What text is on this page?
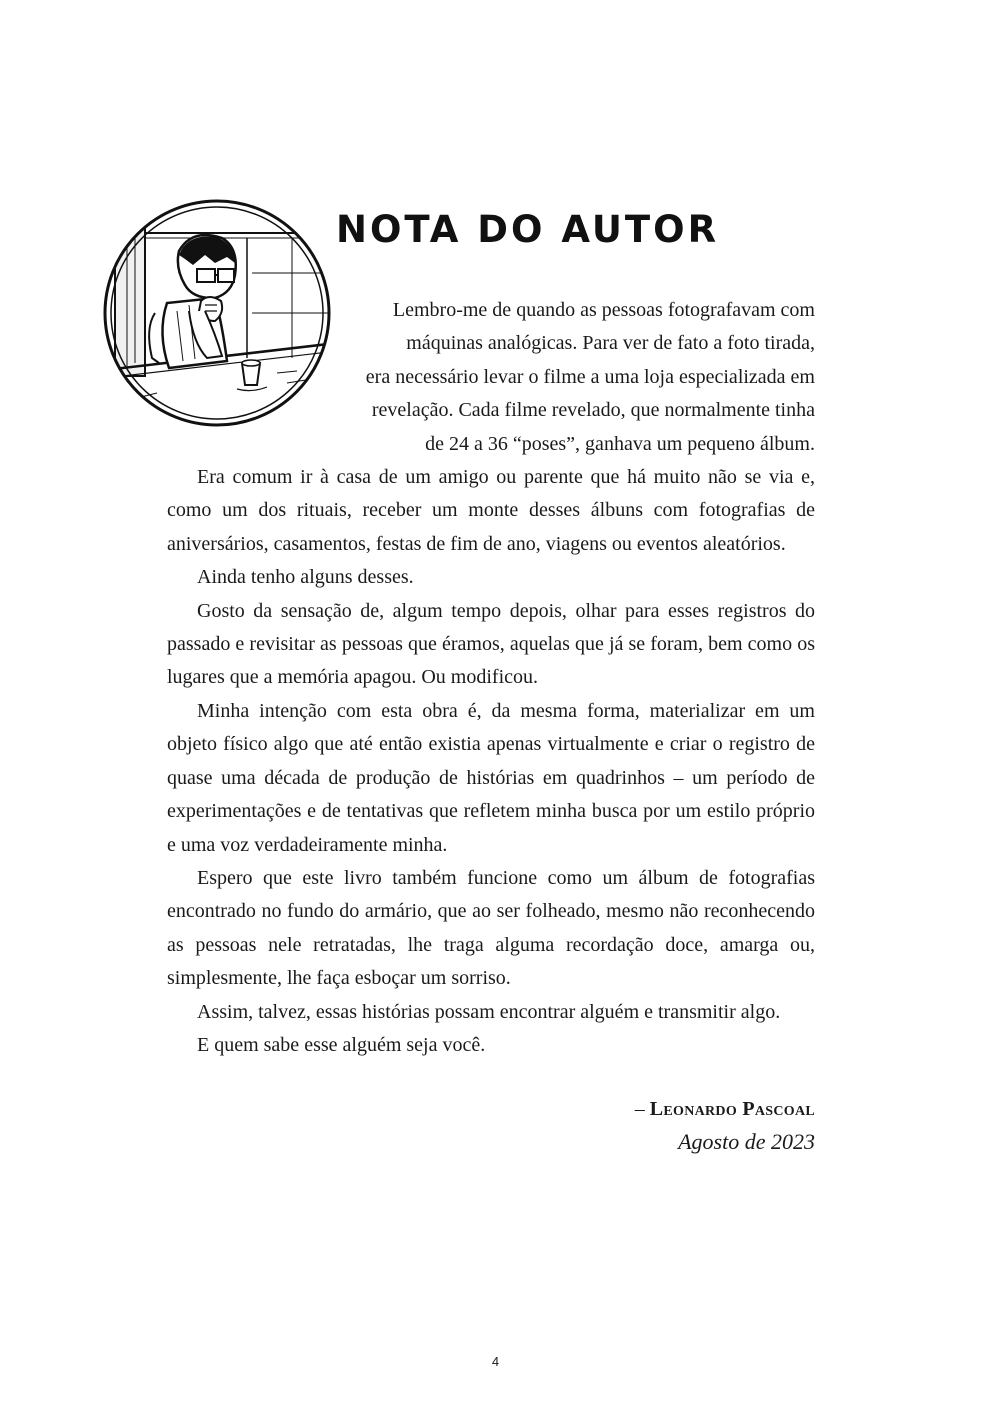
NOTA DO AUTOR

Lembro-me de quando as pessoas fotografavam com

máquinas analógicas. Para ver de fato a foto tirada,

era necessário levar o filme a uma loja especializada em

revelação. Cada filme revelado, que normalmente tinha

de 24 a 36 “poses”, ganhava um pequeno álbum.

Era comum ir à casa de um amigo ou parente que há muito não se via e, como um dos rituais, receber um monte desses álbuns com fotografias de aniversários, casamentos, festas de fim de ano, viagens ou eventos aleatórios.

Ainda tenho alguns desses.

Gosto da sensação de, algum tempo depois, olhar para esses registros do passado e revisitar as pessoas que éramos, aquelas que já se foram, bem como os lugares que a memória apagou. Ou modificou.

Minha intenção com esta obra é, da mesma forma, materializar em um objeto físico algo que até então existia apenas virtualmente e criar o registro de quase uma década de produção de histórias em quadrinhos – um período de experimentações e de tentativas que refletem minha busca por um estilo próprio e uma voz verdadeiramente minha.

Espero que este livro também funcione como um álbum de fotografias encontrado no fundo do armário, que ao ser folheado, mesmo não reconhecendo as pessoas nele retratadas, lhe traga alguma recordação doce, amarga ou, simplesmente, lhe faça esboçar um sorriso.

Assim, talvez, essas histórias possam encontrar alguém e transmitir algo.

E quem sabe esse alguém seja você.

– Leonardo Pascoal
Agosto de 2023
4
